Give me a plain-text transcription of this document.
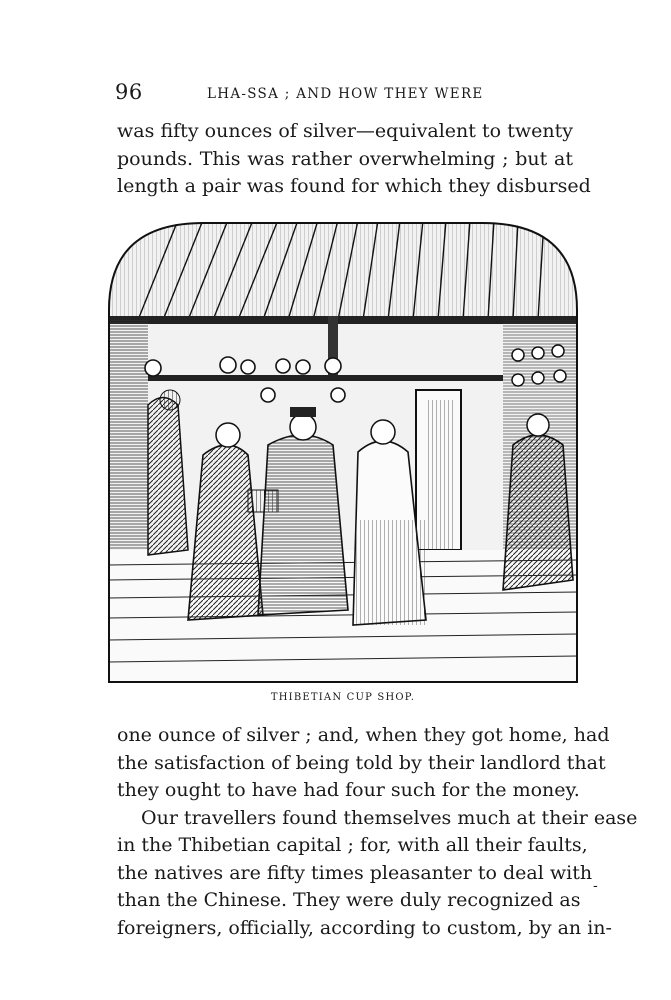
96	LHA-SSA ; AND HOW THEY WERE
was fifty ounces of silver—equivalent to twenty
pounds. This was rather overwhelming ; but at
length a pair was found for which they disbursed
THIBETIAN CUP SHOP.
one ounce of silver ; and, when they got home, had
the satisfaction of being told by their landlord that
they ought to have had four such for the money.
Our travellers found themselves much at their ease
in the Thibetian capital ; for, with all their faults,
the natives are fifty times pleasanter to deal with
than the Chinese. They were duly recognized as
foreigners, officially, according to custom, by an in-
-
